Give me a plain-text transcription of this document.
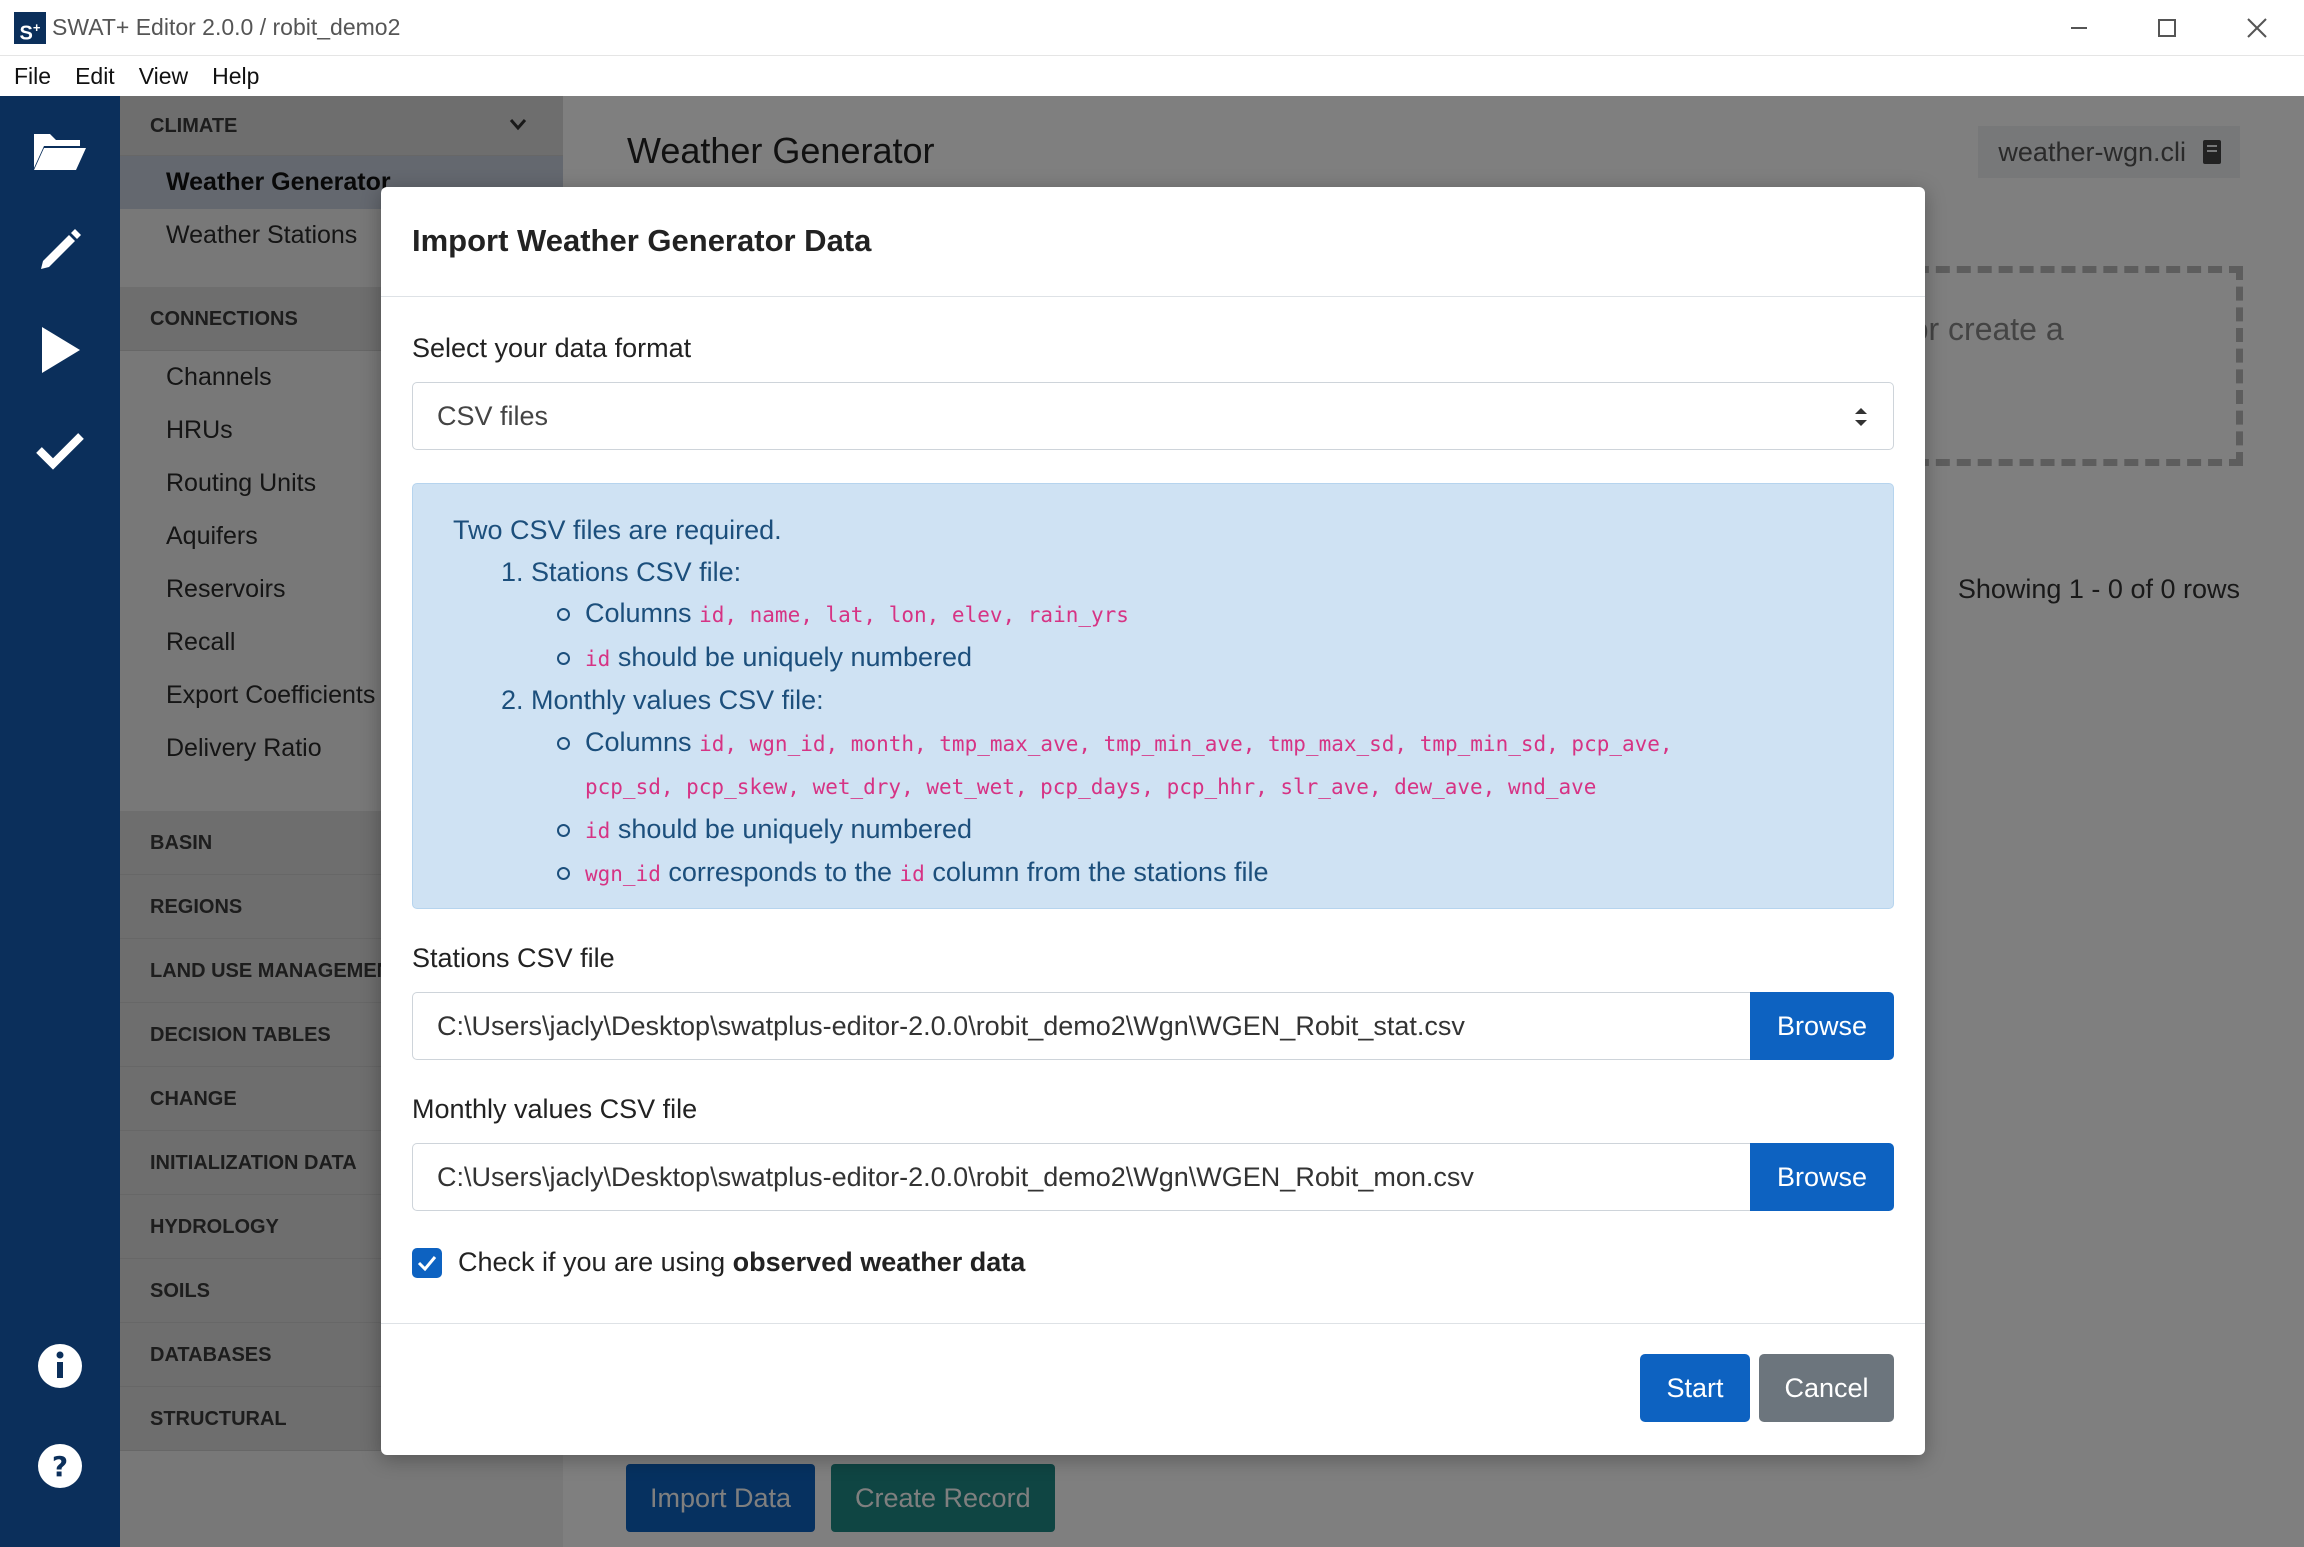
S+ SWAT+ Editor 2.0.0 / robit_demo2
File Edit View Help
?
Import Weather Generator Data
Select your data format
CSV files
Two CSV files are required.
1. Stations CSV file:
Columns id, name, lat, lon, elev, rain_yrs
id should be uniquely numbered
2. Monthly values CSV file:
Columns id, wgn_id, month, tmp_max_ave, tmp_min_ave, tmp_max_sd, tmp_min_sd, pcp_ave,
pcp_sd, pcp_skew, wet_dry, wet_wet, pcp_days, pcp_hhr, slr_ave, dew_ave, wnd_ave
id should be uniquely numbered
wgn_id corresponds to the id column from the stations file
Stations CSV file
C:\Users\jacly\Desktop\swatplus-editor-2.0.0\robit_demo2\Wgn\WGEN_Robit_stat.csv	Browse
Monthly values CSV file
C:\Users\jacly\Desktop\swatplus-editor-2.0.0\robit_demo2\Wgn\WGEN_Robit_mon.csv	Browse
Check if you are using observed weather data
Start	Cancel
